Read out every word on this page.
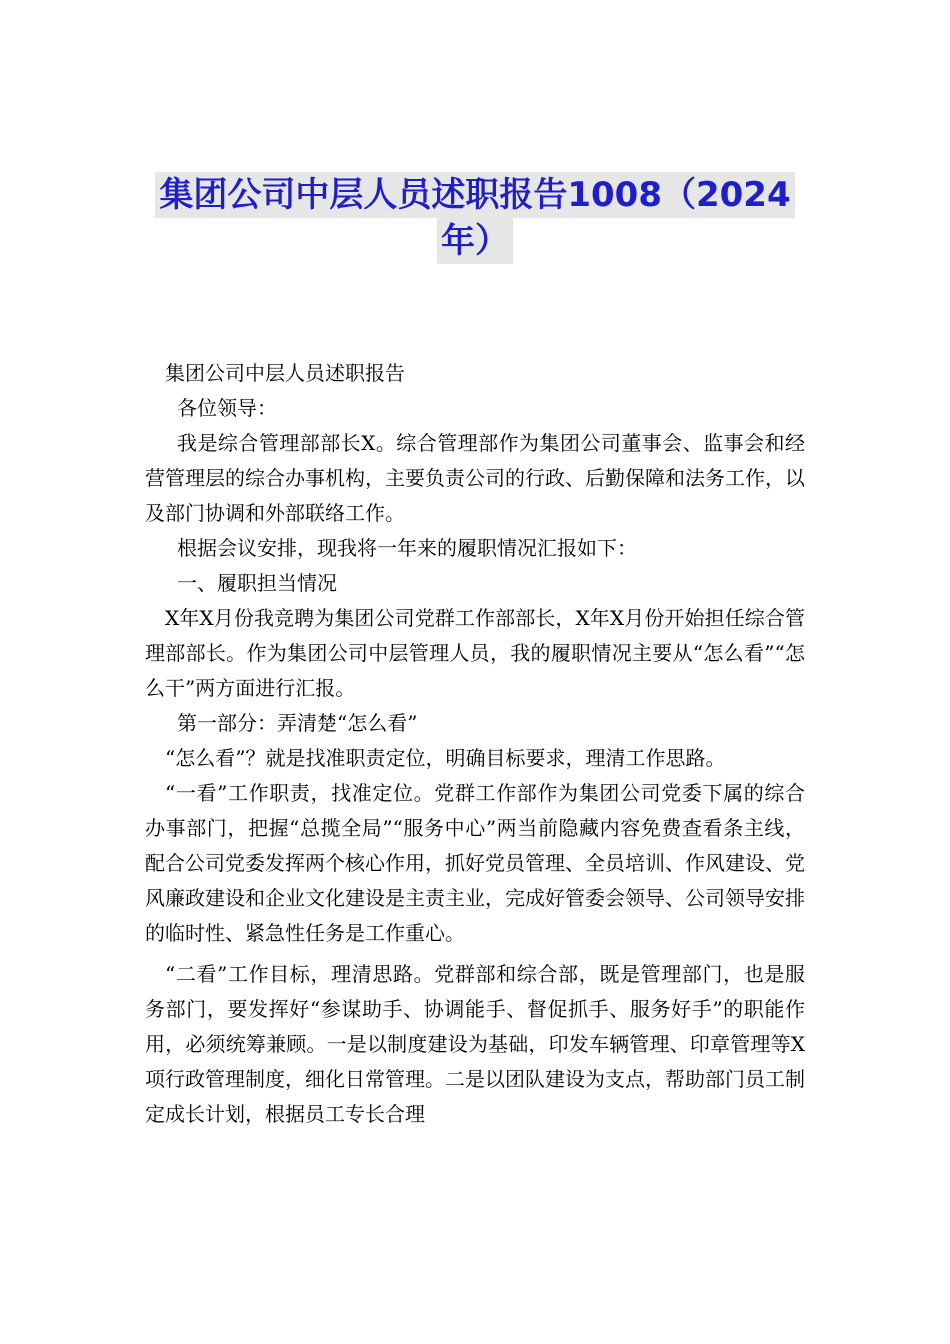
集团公司中层人员述职报告1008（2024
年）

集团公司中层人员述职报告

各位领导：

我是综合管理部部长X。综合管理部作为集团公司董事会、监事会和经营管理层的综合办事机构，主要负责公司的行政、后勤保障和法务工作，以及部门协调和外部联络工作。

根据会议安排，现我将一年来的履职情况汇报如下：

一、履职担当情况

X年X月份我竞聘为集团公司党群工作部部长，X年X月份开始担任综合管理部部长。作为集团公司中层管理人员，我的履职情况主要从“怎么看”“怎么干”两方面进行汇报。

第一部分：弄清楚“怎么看”

“怎么看”？就是找准职责定位，明确目标要求，理清工作思路。

“一看”工作职责，找准定位。党群工作部作为集团公司党委下属的综合办事部门，把握“总揽全局”“服务中心”两当前隐藏内容免费查看条主线，配合公司党委发挥两个核心作用，抓好党员管理、全员培训、作风建设、党风廉政建设和企业文化建设是主责主业，完成好管委会领导、公司领导安排的临时性、紧急性任务是工作重心。

“二看”工作目标，理清思路。党群部和综合部，既是管理部门，也是服务部门，要发挥好“参谋助手、协调能手、督促抓手、服务好手”的职能作用，必须统筹兼顾。一是以制度建设为基础，印发车辆管理、印章管理等X项行政管理制度，细化日常管理。二是以团队建设为支点，帮助部门员工制定成长计划，根据员工专长合理
